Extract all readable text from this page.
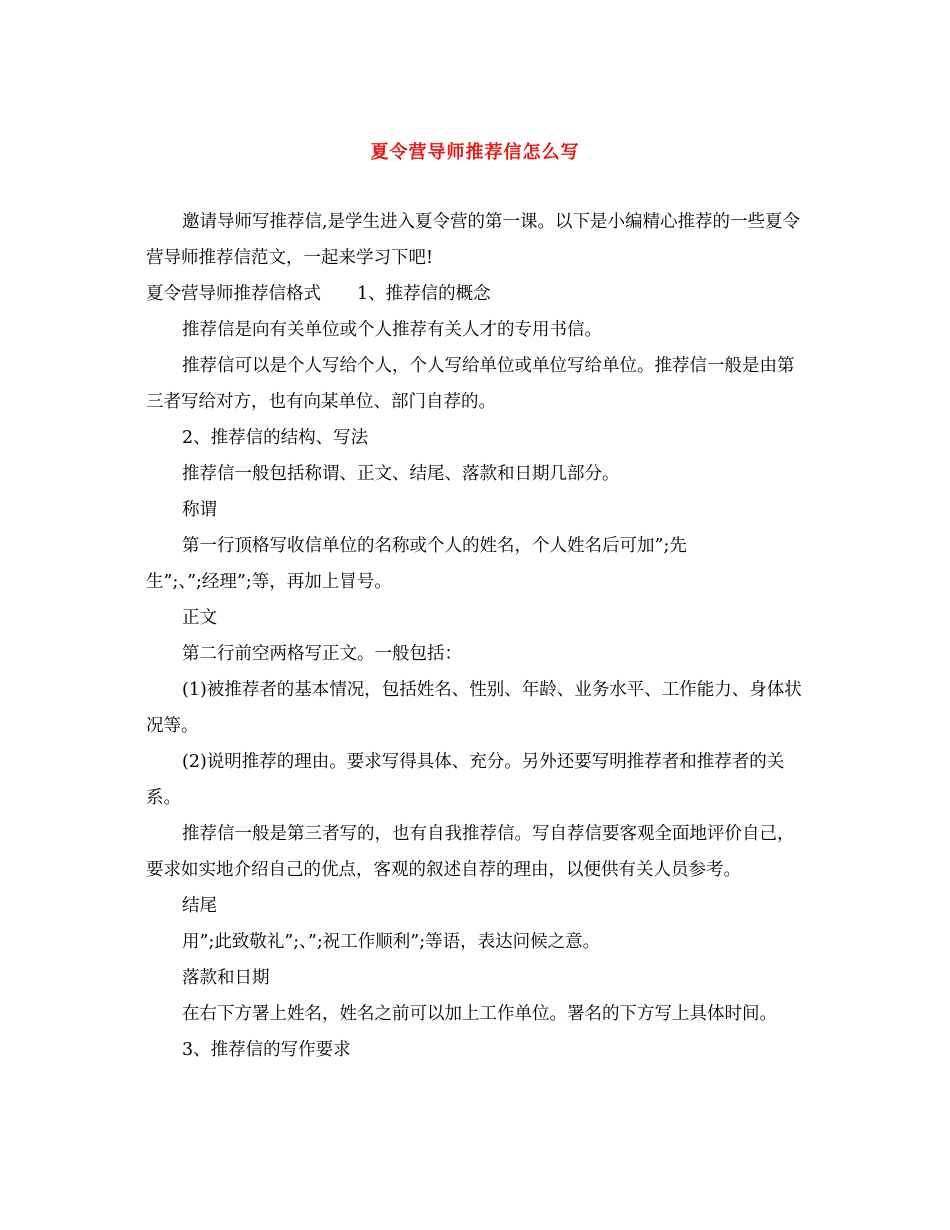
夏令营导师推荐信怎么写

邀请导师写推荐信,是学生进入夏令营的第一课。以下是小编精心推荐的一些夏令营导师推荐信范文，一起来学习下吧!

夏令营导师推荐信格式 1、推荐信的概念

推荐信是向有关单位或个人推荐有关人才的专用书信。

推荐信可以是个人写给个人，个人写给单位或单位写给单位。推荐信一般是由第三者写给对方，也有向某单位、部门自荐的。

2、推荐信的结构、写法

推荐信一般包括称谓、正文、结尾、落款和日期几部分。

称谓

第一行顶格写收信单位的名称或个人的姓名，个人姓名后可加”;先

生”;、”;经理”;等，再加上冒号。

正文

第二行前空两格写正文。一般包括：

(1)被推荐者的基本情况，包括姓名、性别、年龄、业务水平、工作能力、身体状况等。

(2)说明推荐的理由。要求写得具体、充分。另外还要写明推荐者和推荐者的关系。

推荐信一般是第三者写的，也有自我推荐信。写自荐信要客观全面地评价自己，要求如实地介绍自己的优点，客观的叙述自荐的理由，以便供有关人员参考。

结尾

用”;此致敬礼”;、”;祝工作顺利”;等语，表达问候之意。

落款和日期

在右下方署上姓名，姓名之前可以加上工作单位。署名的下方写上具体时间。

3、推荐信的写作要求
